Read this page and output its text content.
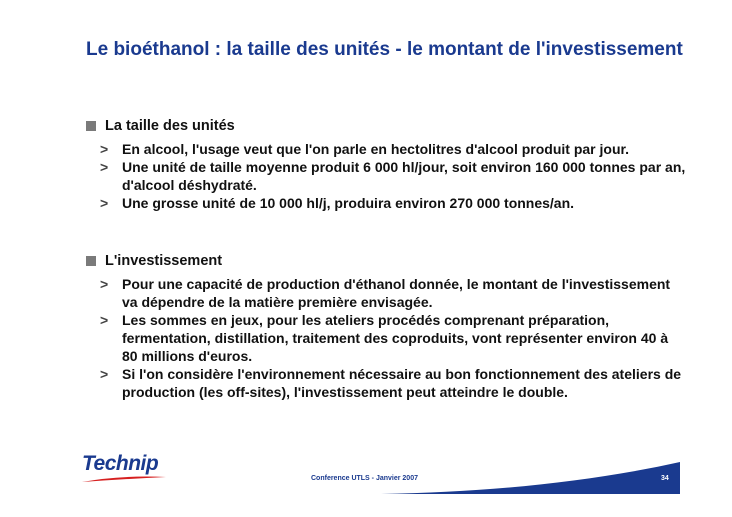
Le bioéthanol : la taille des unités - le montant de l'investissement
La taille des unités
> En alcool, l'usage veut que l'on parle en hectolitres d'alcool produit par jour.
> Une unité de taille moyenne produit 6 000 hl/jour, soit environ 160 000 tonnes par an, d'alcool déshydraté.
> Une grosse unité de 10 000 hl/j, produira environ 270 000 tonnes/an.
L'investissement
> Pour une capacité de production d'éthanol donnée, le montant de l'investissement va dépendre de la matière première envisagée.
> Les sommes en jeux, pour les ateliers procédés comprenant préparation, fermentation, distillation, traitement des coproduits, vont représenter environ 40 à 80 millions d'euros.
> Si l'on considère l'environnement nécessaire au bon fonctionnement des ateliers de production (les off-sites), l'investissement peut atteindre le double.
Technip
Conference UTLS - Janvier 2007	34
